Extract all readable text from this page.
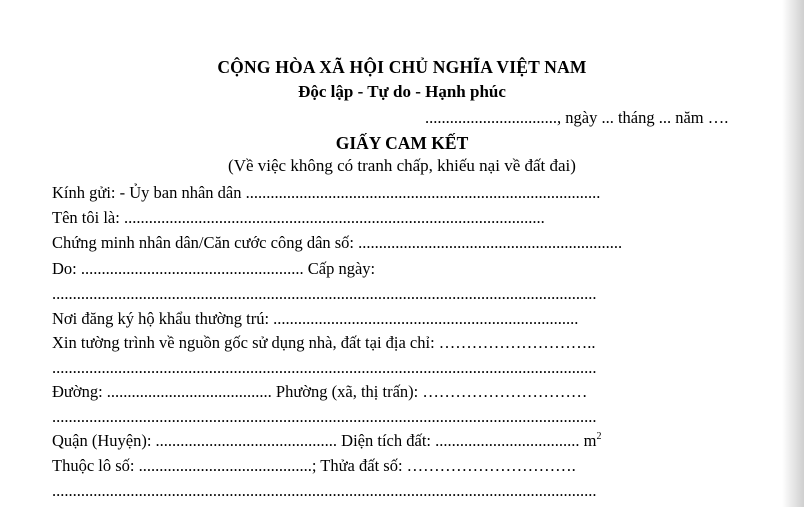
CỘNG HÒA XÃ HỘI CHỦ NGHĨA VIỆT NAM
Độc lập - Tự do - Hạnh phúc
................................, ngày ... tháng ... năm ….
GIẤY CAM KẾT
(Về việc không có tranh chấp, khiếu nại về đất đai)
Kính gửi: - Ủy ban nhân dân ......................................................................................
Tên tôi là: ......................................................................................................
Chứng minh nhân dân/Căn cước công dân số: ................................................................
Do: ...................................................... Cấp ngày:
....................................................................................................................................
Nơi đăng ký hộ khẩu thường trú: ..........................................................................
Xin tường trình về nguồn gốc sử dụng nhà, đất tại địa chỉ: ………………………..
....................................................................................................................................
Đường: ........................................ Phường (xã, thị trấn): …………………………
....................................................................................................................................
Quận (Huyện): ............................................ Diện tích đất: ................................... $m^2$
Thuộc lô số: ..........................................; Thửa đất số: ………………………….
....................................................................................................................................
